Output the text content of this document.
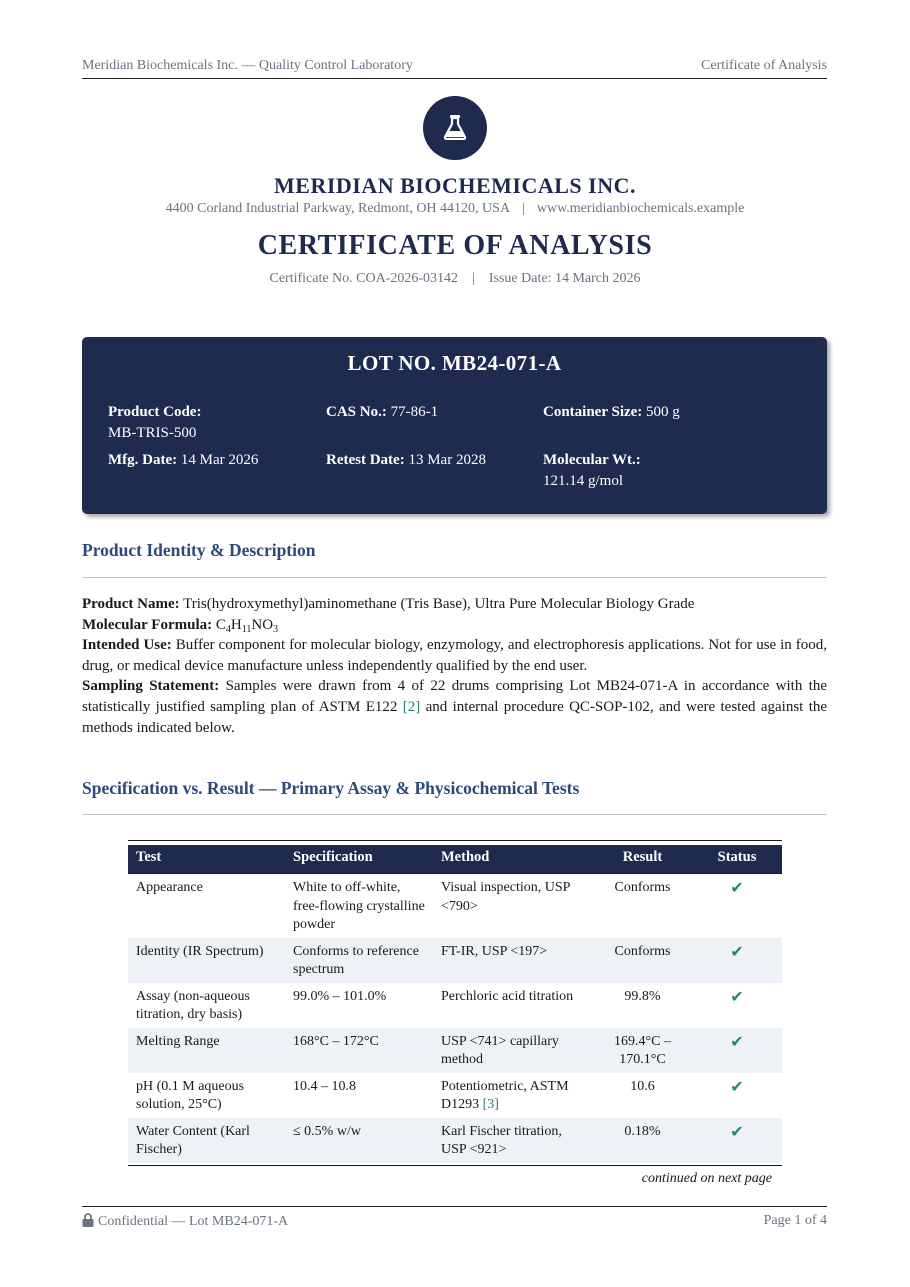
Meridian Biochemicals Inc. — Quality Control Laboratory	Certificate of Analysis
MERIDIAN BIOCHEMICALS INC.
4400 Corland Industrial Parkway, Redmont, OH 44120, USA | www.meridianbiochemicals.example
CERTIFICATE OF ANALYSIS
Certificate No. COA-2026-03142 | Issue Date: 14 March 2026
LOT NO. MB24-071-A
Product Code:
MB-TRIS-500
CAS No.: 77-86-1	Container Size: 500 g
Mfg. Date: 14 Mar 2026	Retest Date: 13 Mar 2028	Molecular Wt.:
121.14 g/mol
Product Identity & Description

Product Name: Tris(hydroxymethyl)aminomethane (Tris Base), Ultra Pure Molecular Biology Grade

Molecular Formula: $C_4H_{11}NO_3$

Intended Use: Buffer component for molecular biology, enzymology, and electrophoresis applications. Not for use in food, drug, or medical device manufacture unless independently qualified by the end user.

Sampling Statement: Samples were drawn from 4 of 22 drums comprising Lot MB24-071-A in accordance with the statistically justified sampling plan of ASTM E122 [2] and internal procedure QC-SOP-102, and were tested against the methods indicated below.

Specification vs. Result — Primary Assay & Physicochemical Tests
Test	Specification	Method	Result	Status

Appearance	White to off-white, free-flowing crystalline powder	Visual inspection, USP <790>	Conforms	✔
Identity (IR Spectrum)	Conforms to reference spectrum	FT-IR, USP <197>	Conforms	✔
Assay (non-aqueous titration, dry basis)	99.0% – 101.0%	Perchloric acid titration	99.8%	✔
Melting Range	168°C – 172°C	USP <741> capillary method	169.4°C – 170.1°C	✔
pH (0.1 M aqueous solution, 25°C)	10.4 – 10.8	Potentiometric, ASTM D1293 [3]	10.6	✔
Water Content (Karl Fischer)	≤ 0.5% w/w	Karl Fischer titration, USP <921>	0.18%	✔
continued on next page
Confidential — Lot MB24-071-A	Page 1 of 4
